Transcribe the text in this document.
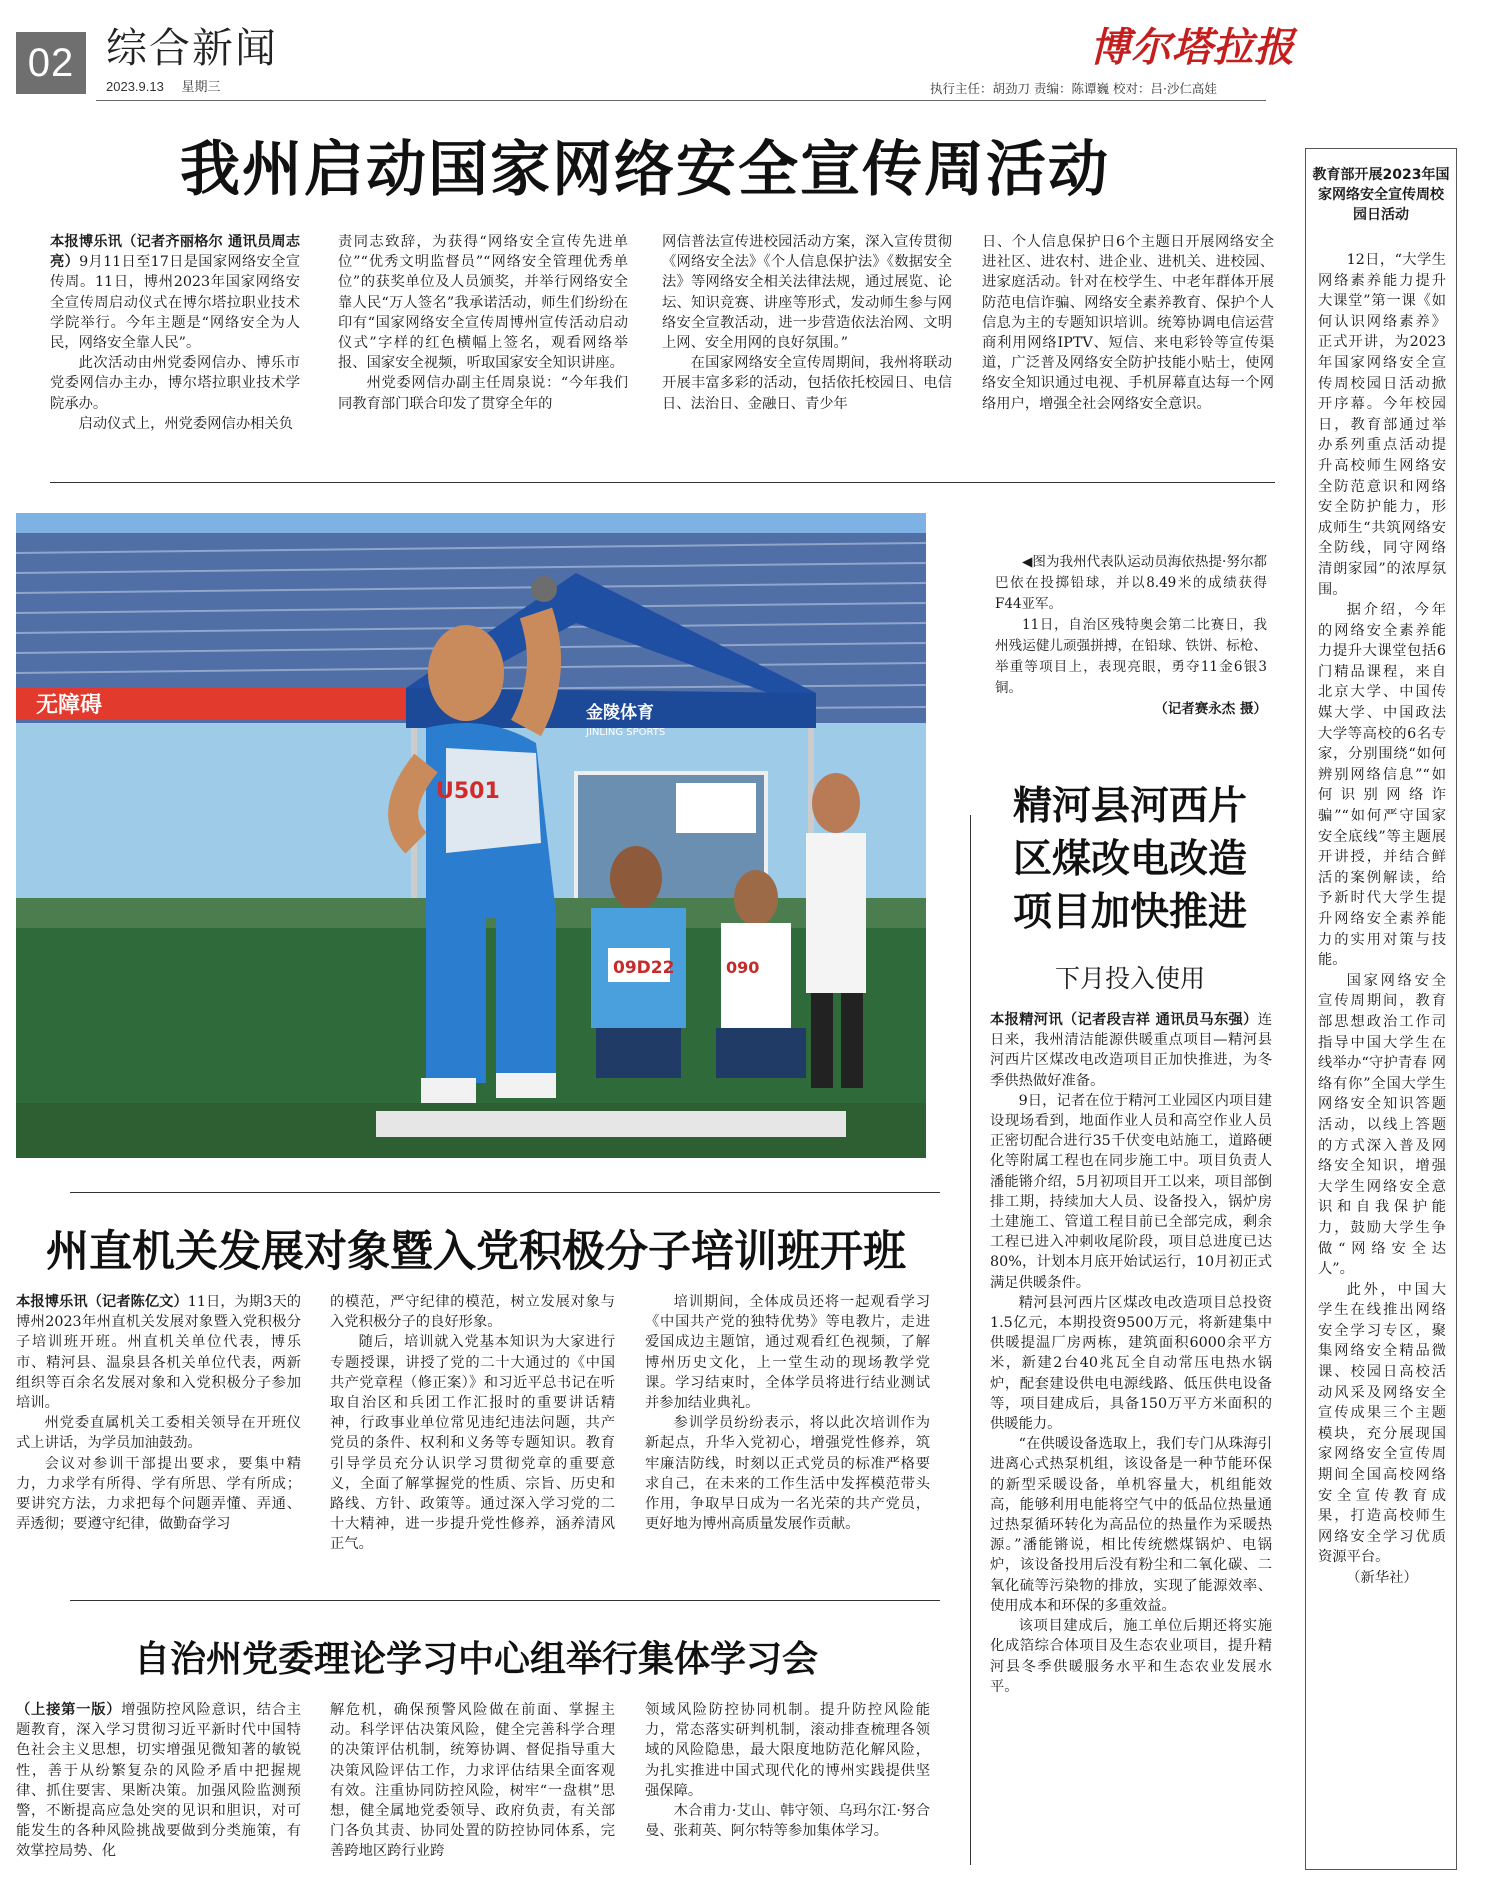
02 综合新闻
2023.9.13 星期三
博尔塔拉报
执行主任：胡劲刀 责编：陈谭巍 校对：吕·沙仁高娃
我州启动国家网络安全宣传周活动

本报博乐讯（记者齐丽格尔 通讯员周志亮）9月11日至17日是国家网络安全宣传周。11日，博州2023年国家网络安全宣传周启动仪式在博尔塔拉职业技术学院举行。今年主题是“网络安全为人民，网络安全靠人民”。

此次活动由州党委网信办、博乐市党委网信办主办，博尔塔拉职业技术学院承办。

启动仪式上，州党委网信办相关负

责同志致辞，为获得“网络安全宣传先进单位”“优秀文明监督员”“网络安全管理优秀单位”的获奖单位及人员颁奖，并举行网络安全靠人民“万人签名”我承诺活动，师生们纷纷在印有“国家网络安全宣传周博州宣传活动启动仪式”字样的红色横幅上签名，观看网络举报、国家安全视频，听取国家安全知识讲座。

州党委网信办副主任周泉说：“今年我们同教育部门联合印发了贯穿全年的

网信普法宣传进校园活动方案，深入宣传贯彻《网络安全法》《个人信息保护法》《数据安全法》等网络安全相关法律法规，通过展览、论坛、知识竞赛、讲座等形式，发动师生参与网络安全宣教活动，进一步营造依法治网、文明上网、安全用网的良好氛围。”

在国家网络安全宣传周期间，我州将联动开展丰富多彩的活动，包括依托校园日、电信日、法治日、金融日、青少年

日、个人信息保护日6个主题日开展网络安全进社区、进农村、进企业、进机关、进校园、进家庭活动。针对在校学生、中老年群体开展防范电信诈骗、网络安全素养教育、保护个人信息为主的专题知识培训。统筹协调电信运营商利用网络IPTV、短信、来电彩铃等宣传渠道，广泛普及网络安全防护技能小贴士，使网络安全知识通过电视、手机屏幕直达每一个网络用户，增强全社会网络安全意识。

无障碍	金陵体育
JINLING SPORTS
U501
09D22	090

◀图为我州代表队运动员海依热提·努尔都巴依在投掷铅球，并以8.49米的成绩获得F44亚军。

11日，自治区残特奥会第二比赛日，我州残运健儿顽强拼搏，在铅球、铁饼、标枪、举重等项目上，表现亮眼，勇夺11金6银3铜。

（记者赛永杰 摄）

精河县河西片
区煤改电改造
项目加快推进
下月投入使用

本报精河讯（记者段吉祥 通讯员马东强）连日来，我州清洁能源供暖重点项目—精河县河西片区煤改电改造项目正加快推进，为冬季供热做好准备。

9日，记者在位于精河工业园区内项目建设现场看到，地面作业人员和高空作业人员正密切配合进行35千伏变电站施工，道路硬化等附属工程也在同步施工中。项目负责人潘能锵介绍，5月初项目开工以来，项目部倒排工期，持续加大人员、设备投入，锅炉房土建施工、管道工程目前已全部完成，剩余工程已进入冲刺收尾阶段，项目总进度已达80%，计划本月底开始试运行，10月初正式满足供暖条件。

精河县河西片区煤改电改造项目总投资1.5亿元，本期投资9500万元，将新建集中供暖提温厂房两栋，建筑面积6000余平方米，新建2台40兆瓦全自动常压电热水锅炉，配套建设供电电源线路、低压供电设备等，项目建成后，具备150万平方米面积的供暖能力。

“在供暖设备选取上，我们专门从珠海引进离心式热泵机组，该设备是一种节能环保的新型采暖设备，单机容量大，机组能效高，能够利用电能将空气中的低品位热量通过热泵循环转化为高品位的热量作为采暖热源。”潘能锵说，相比传统燃煤锅炉、电锅炉，该设备投用后没有粉尘和二氧化碳、二氧化硫等污染物的排放，实现了能源效率、使用成本和环保的多重效益。

该项目建成后，施工单位后期还将实施化成箔综合体项目及生态农业项目，提升精河县冬季供暖服务水平和生态农业发展水平。

州直机关发展对象暨入党积极分子培训班开班

本报博乐讯（记者陈亿文）11日，为期3天的博州2023年州直机关发展对象暨入党积极分子培训班开班。州直机关单位代表，博乐市、精河县、温泉县各机关单位代表，两新组织等百余名发展对象和入党积极分子参加培训。

州党委直属机关工委相关领导在开班仪式上讲话，为学员加油鼓劲。

会议对参训干部提出要求，要集中精力，力求学有所得、学有所思、学有所成；要讲究方法，力求把每个问题弄懂、弄通、弄透彻；要遵守纪律，做勤奋学习

的模范，严守纪律的模范，树立发展对象与入党积极分子的良好形象。

随后，培训就入党基本知识为大家进行专题授课，讲授了党的二十大通过的《中国共产党章程（修正案）》和习近平总书记在听取自治区和兵团工作汇报时的重要讲话精神，行政事业单位常见违纪违法问题，共产党员的条件、权利和义务等专题知识。教育引导学员充分认识学习贯彻党章的重要意义，全面了解掌握党的性质、宗旨、历史和路线、方针、政策等。通过深入学习党的二十大精神，进一步提升党性修养，涵养清风正气。

培训期间，全体成员还将一起观看学习《中国共产党的独特优势》等电教片，走进爱国成边主题馆，通过观看红色视频，了解博州历史文化，上一堂生动的现场教学党课。学习结束时，全体学员将进行结业测试并参加结业典礼。

参训学员纷纷表示，将以此次培训作为新起点，升华入党初心，增强党性修养，筑牢廉洁防线，时刻以正式党员的标准严格要求自己，在未来的工作生活中发挥模范带头作用，争取早日成为一名光荣的共产党员，更好地为博州高质量发展作贡献。

自治州党委理论学习中心组举行集体学习会

（上接第一版）增强防控风险意识，结合主题教育，深入学习贯彻习近平新时代中国特色社会主义思想，切实增强见微知著的敏锐性，善于从纷繁复杂的风险矛盾中把握规律、抓住要害、果断决策。加强风险监测预警，不断提高应急处突的见识和胆识，对可能发生的各种风险挑战要做到分类施策，有效掌控局势、化

解危机，确保预警风险做在前面、掌握主动。科学评估决策风险，健全完善科学合理的决策评估机制，统筹协调、督促指导重大决策风险评估工作，力求评估结果全面客观有效。注重协同防控风险，树牢“一盘棋”思想，健全属地党委领导、政府负责，有关部门各负其责、协同处置的防控协同体系，完善跨地区跨行业跨

领域风险防控协同机制。提升防控风险能力，常态落实研判机制，滚动排查梳理各领域的风险隐患，最大限度地防范化解风险，为扎实推进中国式现代化的博州实践提供坚强保障。

木合甫力·艾山、韩守领、乌玛尔江·努合曼、张莉英、阿尔特等参加集体学习。

教育部开展2023年国家网络安全宣传周校园日活动

12日，“大学生网络素养能力提升大课堂”第一课《如何认识网络素养》正式开讲，为2023年国家网络安全宣传周校园日活动掀开序幕。今年校园日，教育部通过举办系列重点活动提升高校师生网络安全防范意识和网络安全防护能力，形成师生“共筑网络安全防线，同守网络清朗家园”的浓厚氛围。

据介绍，今年的网络安全素养能力提升大课堂包括6门精品课程，来自北京大学、中国传媒大学、中国政法大学等高校的6名专家，分别围绕“如何辨别网络信息”“如何识别网络诈骗”“如何严守国家安全底线”等主题展开讲授，并结合鲜活的案例解读，给予新时代大学生提升网络安全素养能力的实用对策与技能。

国家网络安全宣传周期间，教育部思想政治工作司指导中国大学生在线举办“守护青春 网络有你”全国大学生网络安全知识答题活动，以线上答题的方式深入普及网络安全知识，增强大学生网络安全意识和自我保护能力，鼓励大学生争做“网络安全达人”。

此外，中国大学生在线推出网络安全学习专区，聚集网络安全精品微课、校园日高校活动风采及网络安全宣传成果三个主题模块，充分展现国家网络安全宣传周期间全国高校网络安全宣传教育成果，打造高校师生网络安全学习优质资源平台。

（新华社）
